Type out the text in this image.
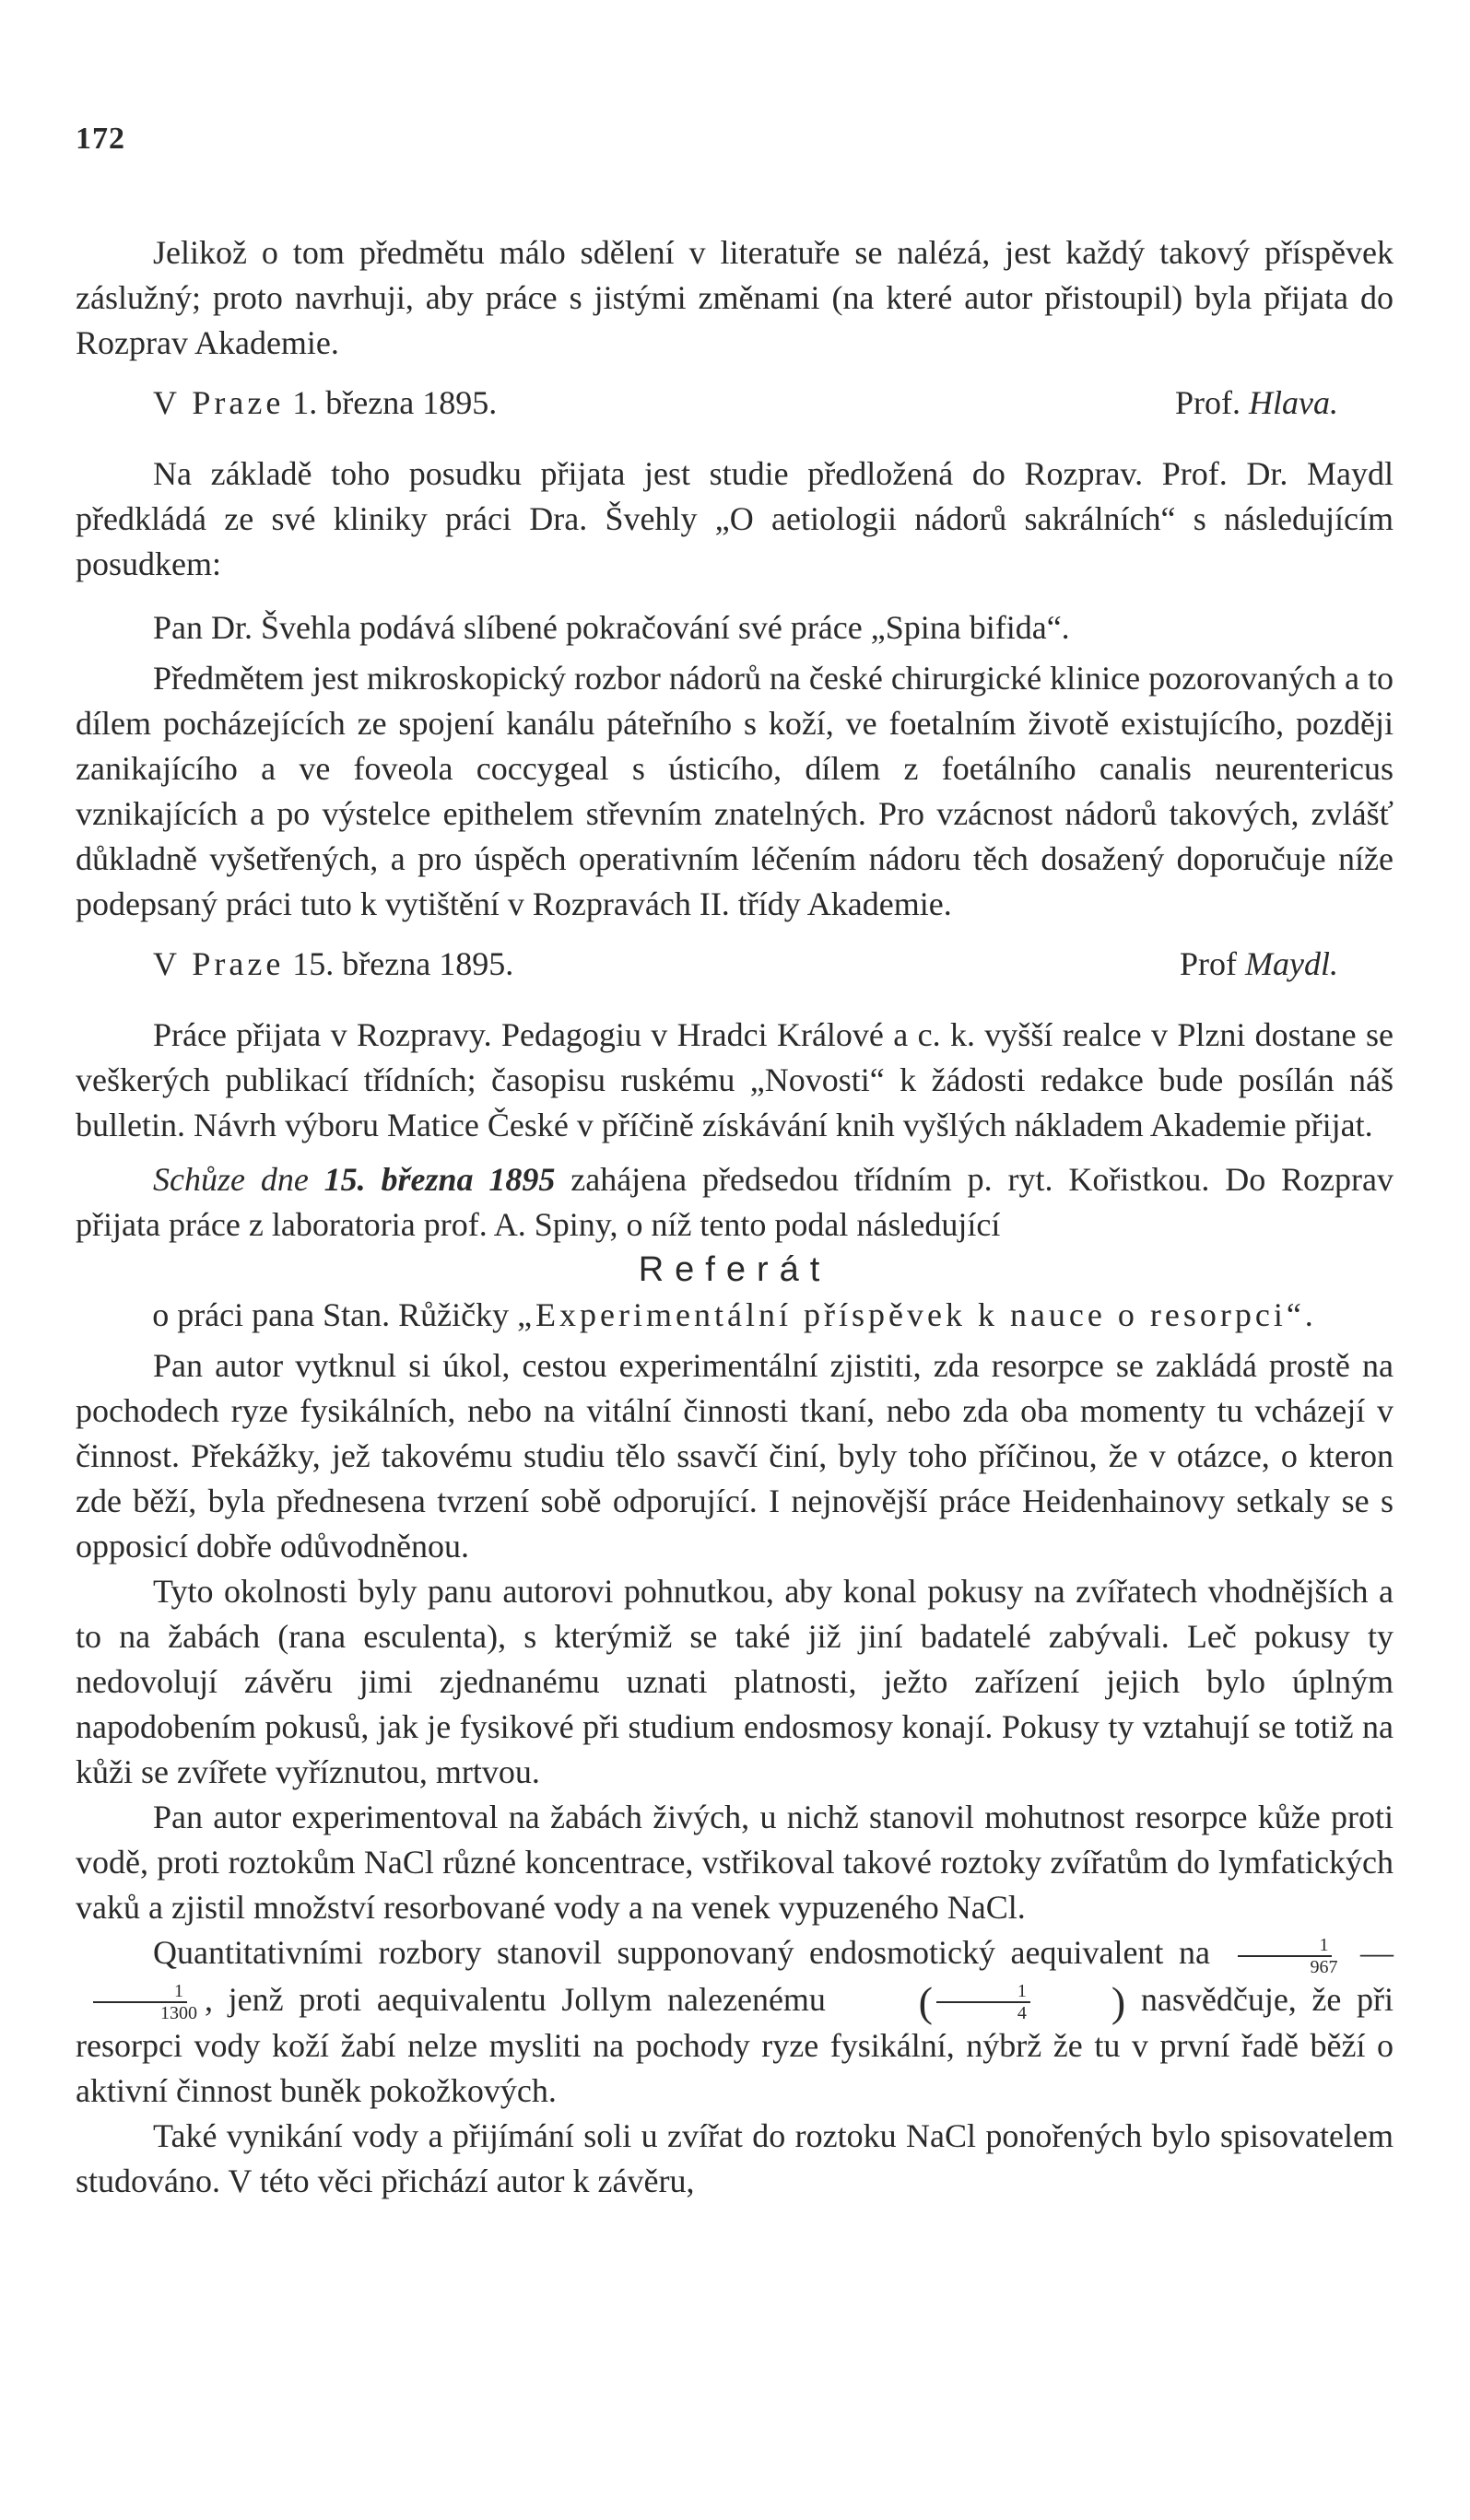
172

Jelikož o tom předmětu málo sdělení v literatuře se nalézá, jest každý takový příspěvek záslužný; proto navrhuji, aby práce s jistými změnami (na které autor přistoupil) byla přijata do Rozprav Akademie.

V Praze 1. března 1895.	Prof. Hlava.

Na základě toho posudku přijata jest studie předložená do Rozprav. Prof. Dr. Maydl předkládá ze své kliniky práci Dra. Švehly „O aetiologii nádorů sakrálních“ s následujícím posudkem:

Pan Dr. Švehla podává slíbené pokračování své práce „Spina bifida“.

Předmětem jest mikroskopický rozbor nádorů na české chirurgické klinice pozorovaných a to dílem pocházejících ze spojení kanálu páteřního s koží, ve foetalním životě existujícího, později zanikajícího a ve foveola coccygeal s ústicího, dílem z foetálního canalis neurentericus vznikajících a po výstelce epithelem střevním znatelných. Pro vzácnost nádorů takových, zvlášť důkladně vyšetřených, a pro úspěch operativním léčením nádoru těch dosažený doporučuje níže podepsaný práci tuto k vytištění v Rozpravách II. třídy Akademie.

V Praze 15. března 1895.	Prof Maydl.

Práce přijata v Rozpravy. Pedagogiu v Hradci Králové a c. k. vyšší realce v Plzni dostane se veškerých publikací třídních; časopisu ruskému „Novosti“ k žádosti redakce bude posílán náš bulletin. Návrh výboru Matice České v příčině získávání knih vyšlých nákladem Akademie přijat.

Schůze dne 15. března 1895 zahájena předsedou třídním p. ryt. Kořistkou. Do Rozprav přijata práce z laboratoria prof. A. Spiny, o níž tento podal následující

Referát

o práci pana Stan. Růžičky „Experimentální příspěvek k nauce o resorpci“.

Pan autor vytknul si úkol, cestou experimentální zjistiti, zda resorpce se zakládá prostě na pochodech ryze fysikálních, nebo na vitální činnosti tkaní, nebo zda oba momenty tu vcházejí v činnost. Překážky, jež takovému studiu tělo ssavčí činí, byly toho příčinou, že v otázce, o kteron zde běží, byla přednesena tvrzení sobě odporující. I nejnovější práce Heidenhainovy setkaly se s opposicí dobře odůvodněnou.

Tyto okolnosti byly panu autorovi pohnutkou, aby konal pokusy na zvířatech vhodnějších a to na žabách (rana esculenta), s kterýmiž se také již jiní badatelé zabývali. Leč pokusy ty nedovolují závěru jimi zjednanému uznati platnosti, ježto zařízení jejich bylo úplným napodobením pokusů, jak je fysikové při studium endosmosy konají. Pokusy ty vztahují se totiž na kůži se zvířete vyříznutou, mrtvou.

Pan autor experimentoval na žabách živých, u nichž stanovil mohutnost resorpce kůže proti vodě, proti roztokům NaCl různé koncentrace, vstřikoval takové roztoky zvířatům do lymfatických vaků a zjistil množství resorbované vody a na venek vypuzeného NaCl.

Quantitativními rozbory stanovil supponovaný endosmotický aequivalent na $\frac{1}{967}$ —
$\frac{1}{1300}$ , jenž proti aequivalentu Jollym nalezenému	( $\frac{1}{4}$	) nasvědčuje, že při resorpci vody koží žabí nelze mysliti na pochody ryze fysikální, nýbrž že tu v první řadě běží o aktivní činnost buněk pokožkových.

Také vynikání vody a přijímání soli u zvířat do roztoku NaCl ponořených bylo spisovatelem studováno. V této věci přichází autor k závěru,
